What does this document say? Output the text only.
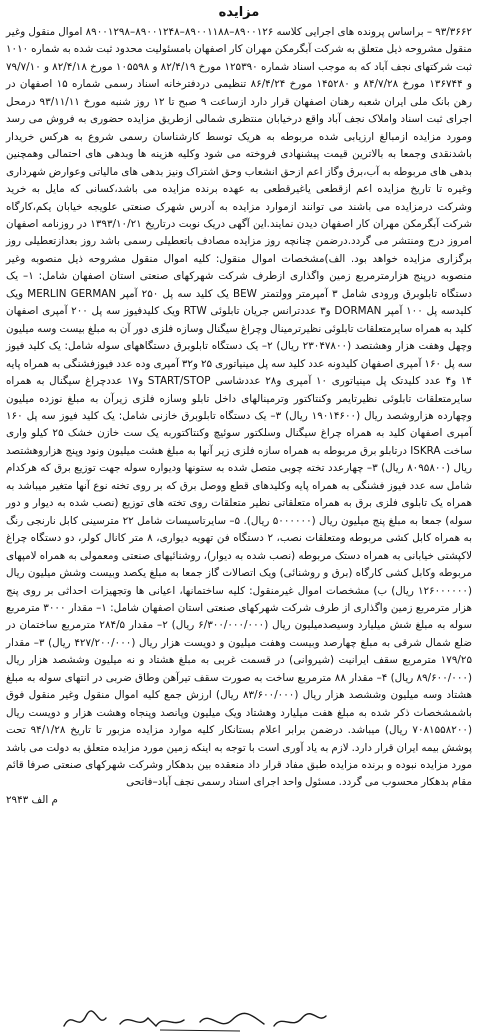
مزایده

۹۳/۳۶۶۲ – براساس پرونده های اجرایی کلاسه ۸۹۰۰۱۲۶–۸۹۰۰۱۱۸۸–۸۹۰۰۱۲۴۸–۸۹۰۰۱۲۹۸ اموال منقول وغیر منقول مشروحه ذیل متعلق به شرکت آبگرمکن مهران کار اصفهان بامسئولیت محدود ثبت شده به شماره ۱۰۱۰ ثبت شرکتهای نجف آباد که به موجب اسناد شماره ۱۲۵۳۹۰ مورخ ۸۲/۴/۱۹ و ۱۰۵۵۹۸ مورخ ۸۲/۴/۱۸ و ۷۹/۷/۱۰ و ۱۳۶۷۴۴ مورخ ۸۴/۷/۲۸ و ۱۴۵۲۸۰ مورخ ۸۶/۴/۲۴ تنظیمی دردفترخانه اسناد رسمی شماره ۱۵ اصفهان در رهن بانک ملی ایران شعبه رهنان اصفهان قرار دارد ازساعت ۹ صبح تا ۱۲ روز شنبه مورخ ۹۳/۱۱/۱۱ درمحل اجرای ثبت اسناد واملاک نجف آباد واقع درخیابان منتظری شمالی ازطریق مزایده حضوری به فروش می رسد ومورد مزایده ازمبالغ ارزیابی شده مربوطه به هریک توسط کارشناسان رسمی شروع به هرکس خریدار باشدنقدی وجمعا به بالاترین قیمت پیشنهادی فروخته می شود وکلیه هزینه ها وبدهی های احتمالی وهمچنین بدهی های مربوطه به آب،برق وگاز اعم ازحق انشعاب وحق اشتراک ونیز بدهی های مالیاتی وعوارض شهرداری وغیره تا تاریخ مزایده اعم ازقطعی یاغیرقطعی به عهده برنده مزایده می باشد،کسانی که مایل به خرید وشرکت درمزایده می باشند می توانند ازموارد مزایده به آدرس شهرک صنعتی علویجه خیابان یکم،کارگاه شرکت آبگرمکن مهران کار اصفهان دیدن نمایند.این آگهی دریک نوبت درتاریخ ۱۳۹۳/۱۰/۲۱ در روزنامه اصفهان امروز درج ومنتشر می گردد.درضمن چنانچه روز مزایده مصادف باتعطیلی رسمی باشد روز بعدازتعطیلی روز برگزاری مزایده خواهد بود. الف)مشخصات اموال منقول: کلیه اموال منقول مشروحه ذیل منصوبه وغیر منصوبه درپنج هزارمترمربع زمین واگذاری ازطرف شرکت شهرکهای صنعتی استان اصفهان شامل: ۱– یک دستگاه تابلوبرق ورودی شامل ۳ آمپرمتر وولتمتر BEW یک کلید سه پل ۲۵۰ آمپر MERLIN GERMAN ویک کلیدسه پل ۱۰۰ آمپر DORMAN و۳ عددترانس جریان تابلوئی RTW ویک کلیدفیوز سه پل ۲۰۰ آمپری اصفهان کلید به همراه سایرمتعلقات تابلوئی نظیرترمینال وچراغ سیگنال وسازه فلزی دور آن به مبلغ بیست وسه میلیون وچهل وهفت هزار وهشتصد (۲۳۰۴۷۸۰۰ ریال) ۲– یک دستگاه تابلوبرق دستگاههای سوله شامل: یک کلید فیوز سه پل ۱۶۰ آمپری اصفهان کلیدونه عدد کلید سه پل مینیاتوری ۲۵ و۳۲ آمپری وده عدد فیوزفشنگی به همراه پایه ۱۴ و۴ عدد کلیدتک پل مینیاتوری ۱۰ آمپری و۲۸ عددشاسی START/STOP و۱۷ عددچراغ سیگنال به همراه سایرمتعلقات تابلوئی نظیرتایمر وکنتاکتور وترمینالهای داخل تابلو وسازه فلزی زیرآن به مبلغ نوزده میلیون وچهارده هزاروشصد ریال (۱۹۰۱۴۶۰۰ ریال) ۳– یک دستگاه تابلوبرق خازنی شامل: یک کلید فیوز سه پل ۱۶۰ آمپری اصفهان کلید به همراه چراغ سیگنال وسلکتور سوئیچ وکنتاکتوربه یک ست خازن خشک ۲۵ کیلو واری ساخت ISKRA درتابلو برق مربوطه به همراه سازه فلزی زیر آنها به مبلغ هشت میلیون ونود وپنج هزاروهشتصد ریال (۸۰۹۵۸۰۰ ریال) ۳– چهارعدد تخته چوبی متصل شده به ستونها ودیواره سوله جهت توزیع برق که هرکدام شامل سه عدد فیوز فشنگی به همراه پایه وکلیدهای قطع ووصل برق که بر روی تخته نوع آنها متغیر میباشد به همراه یک تابلوی فلزی برق به همراه متعلقاتی نظیر متعلقات روی تخته های توزیع (نصب شده به دیوار و دور سوله) جمعا به مبلغ پنج میلیون ریال (۵۰۰۰۰۰۰ ریال). ۵– سایرتاسیسات شامل ۲۲ مترسینی کابل نارنجی رنگ به همراه کابل کشی مربوطه ومتعلقات نصب، ۲ دستگاه فن تهویه دیواری، ۸ متر کانال کولر، دو دستگاه چراغ لاکپشتی خیابانی به همراه دستک مربوطه (نصب شده به دیوار)، روشنائیهای صنعتی ومعمولی به همراه لامپهای مربوطه وکابل کشی کارگاه (برق و روشنائی) ویک اتصالات گاز جمعا به مبلغ یکصد وبیست وشش میلیون ریال (۱۲۶۰۰۰۰۰۰ ریال) ب) مشخصات اموال غیرمنقول: کلیه ساختمانها، اعیانی ها وتجهیزات احداثی بر روی پنج هزار مترمربع زمین واگذاری از طرف شرکت شهرکهای صنعتی استان اصفهان شامل: ۱– مقدار ۳۰۰۰ مترمربع سوله به مبلغ شش میلیارد وسیصدمیلیون ریال (۶/۳۰۰/۰۰۰/۰۰۰ ریال) ۲– مقدار ۲۸۴/۵ مترمربع ساختمان در ضلع شمال شرقی به مبلغ چهارصد وبیست وهفت میلیون و دویست هزار ریال (۴۲۷/۲۰۰/۰۰۰ ریال) ۳– مقدار ۱۷۹/۲۵ مترمربع سقف ایرانیت (شیروانی) در قسمت غربی به مبلغ هشتاد و نه میلیون وششصد هزار ریال (۸۹/۶۰۰/۰۰۰ ریال) ۴– مقدار ۸۸ مترمربع ساخت به صورت سقف تیرآهن وطاق ضربی در انتهای سوله به مبلغ هشتاد وسه میلیون وششصد هزار ریال (۸۳/۶۰۰/۰۰۰ ریال) ارزش جمع کلیه اموال منقول وغیر منقول فوق باشمشخصات ذکر شده به مبلغ هفت میلیارد وهشتاد ویک میلیون وپانصد وپنجاه وهشت هزار و دویست ریال (۷۰۸۱۵۵۸۲۰۰ ریال) میباشد. درضمن برابر اعلام بستانکار کلیه موارد مزایده مزبور تا تاریخ ۹۴/۱/۲۸ تحت پوشش بیمه ایران قرار دارد. لازم به یاد آوری است با توجه به اینکه زمین مورد مزایده متعلق به دولت می باشد مورد مزایده نبوده و برنده مزایده طبق مفاد قرار داد منعقده بین بدهکار وشرکت شهرکهای صنعتی صرفا قائم مقام بدهکار محسوب می گردد. مسئول واحد اجرای اسناد رسمی نجف آباد–فاتحی

م الف ۲۹۴۳
